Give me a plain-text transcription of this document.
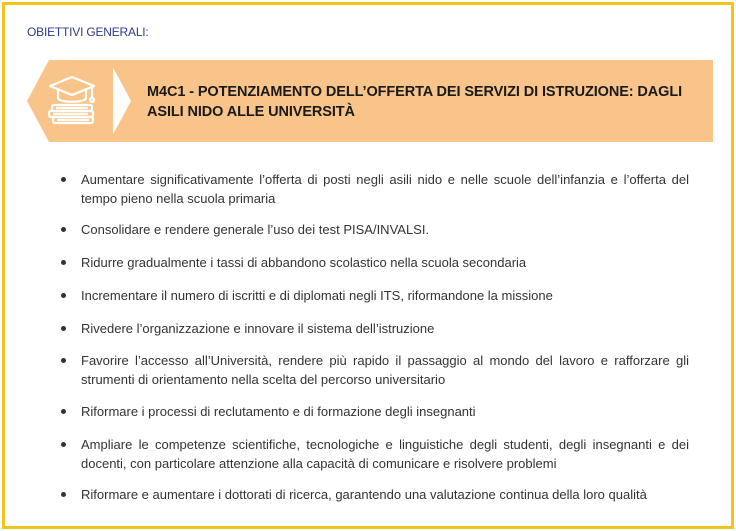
OBIETTIVI GENERALI:
M4C1 - POTENZIAMENTO DELL’OFFERTA DEI SERVIZI DI ISTRUZIONE: DAGLI ASILI NIDO ALLE UNIVERSITÀ
Aumentare significativamente l’offerta di posti negli asili nido e nelle scuole dell’infanzia e l’offerta del tempo pieno nella scuola primaria
Consolidare e rendere generale l’uso dei test PISA/INVALSI.
Ridurre gradualmente i tassi di abbandono scolastico nella scuola secondaria
Incrementare il numero di iscritti e di diplomati negli ITS, riformandone la missione
Rivedere l’organizzazione e innovare il sistema dell’istruzione
Favorire l’accesso all’Università, rendere più rapido il passaggio al mondo del lavoro e rafforzare gli strumenti di orientamento nella scelta del percorso universitario
Riformare i processi di reclutamento e di formazione degli insegnanti
Ampliare le competenze scientifiche, tecnologiche e linguistiche degli studenti, degli insegnanti e dei docenti, con particolare attenzione alla capacità di comunicare e risolvere problemi
Riformare e aumentare i dottorati di ricerca, garantendo una valutazione continua della loro qualità
